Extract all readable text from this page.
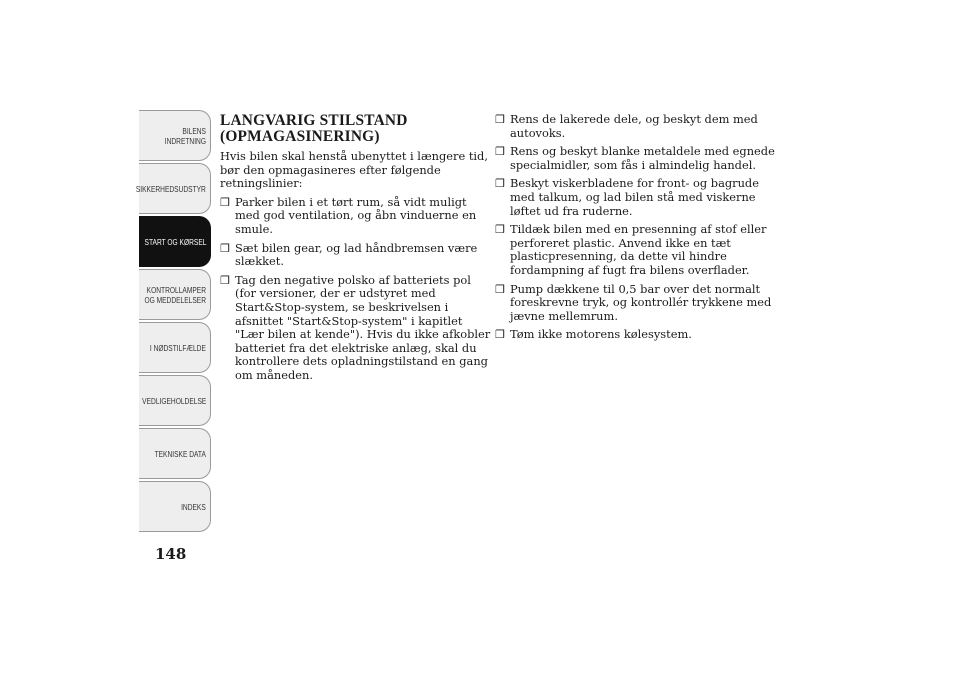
BILENS
INDRETNING
SIKKERHEDSUDSTYR
START OG KØRSEL
KONTROLLAMPER
OG MEDDELELSER
I NØDSTILFÆLDE
VEDLIGEHOLDELSE
TEKNISKE DATA
INDEKS
148
LANGVARIG STILSTAND
(OPMAGASINERING)
Hvis bilen skal henstå ubenyttet i længere tid, bør den opmagasineres efter følgende retningslinier:
❒ Parker bilen i et tørt rum, så vidt muligt med god ventilation, og åbn vinduerne en smule.
❒ Sæt bilen gear, og lad håndbremsen være slækket.
❒ Tag den negative polsko af batteriets pol (for versioner, der er udstyret med Start&Stop-system, se beskrivelsen i afsnittet "Start&Stop-system" i kapitlet "Lær bilen at kende"). Hvis du ikke afkobler batteriet fra det elektriske anlæg, skal du kontrollere dets opladningstilstand en gang om måneden.
❒ Rens de lakerede dele, og beskyt dem med autovoks.
❒ Rens og beskyt blanke metaldele med egnede specialmidler, som fås i almindelig handel.
❒ Beskyt viskerbladene for front- og bagrude med talkum, og lad bilen stå med viskerne løftet ud fra ruderne.
❒ Tildæk bilen med en presenning af stof eller perforeret plastic. Anvend ikke en tæt plasticpresenning, da dette vil hindre fordampning af fugt fra bilens overflader.
❒ Pump dækkene til 0,5 bar over det normalt foreskrevne tryk, og kontrollér trykkene med jævne mellemrum.
❒ Tøm ikke motorens kølesystem.
